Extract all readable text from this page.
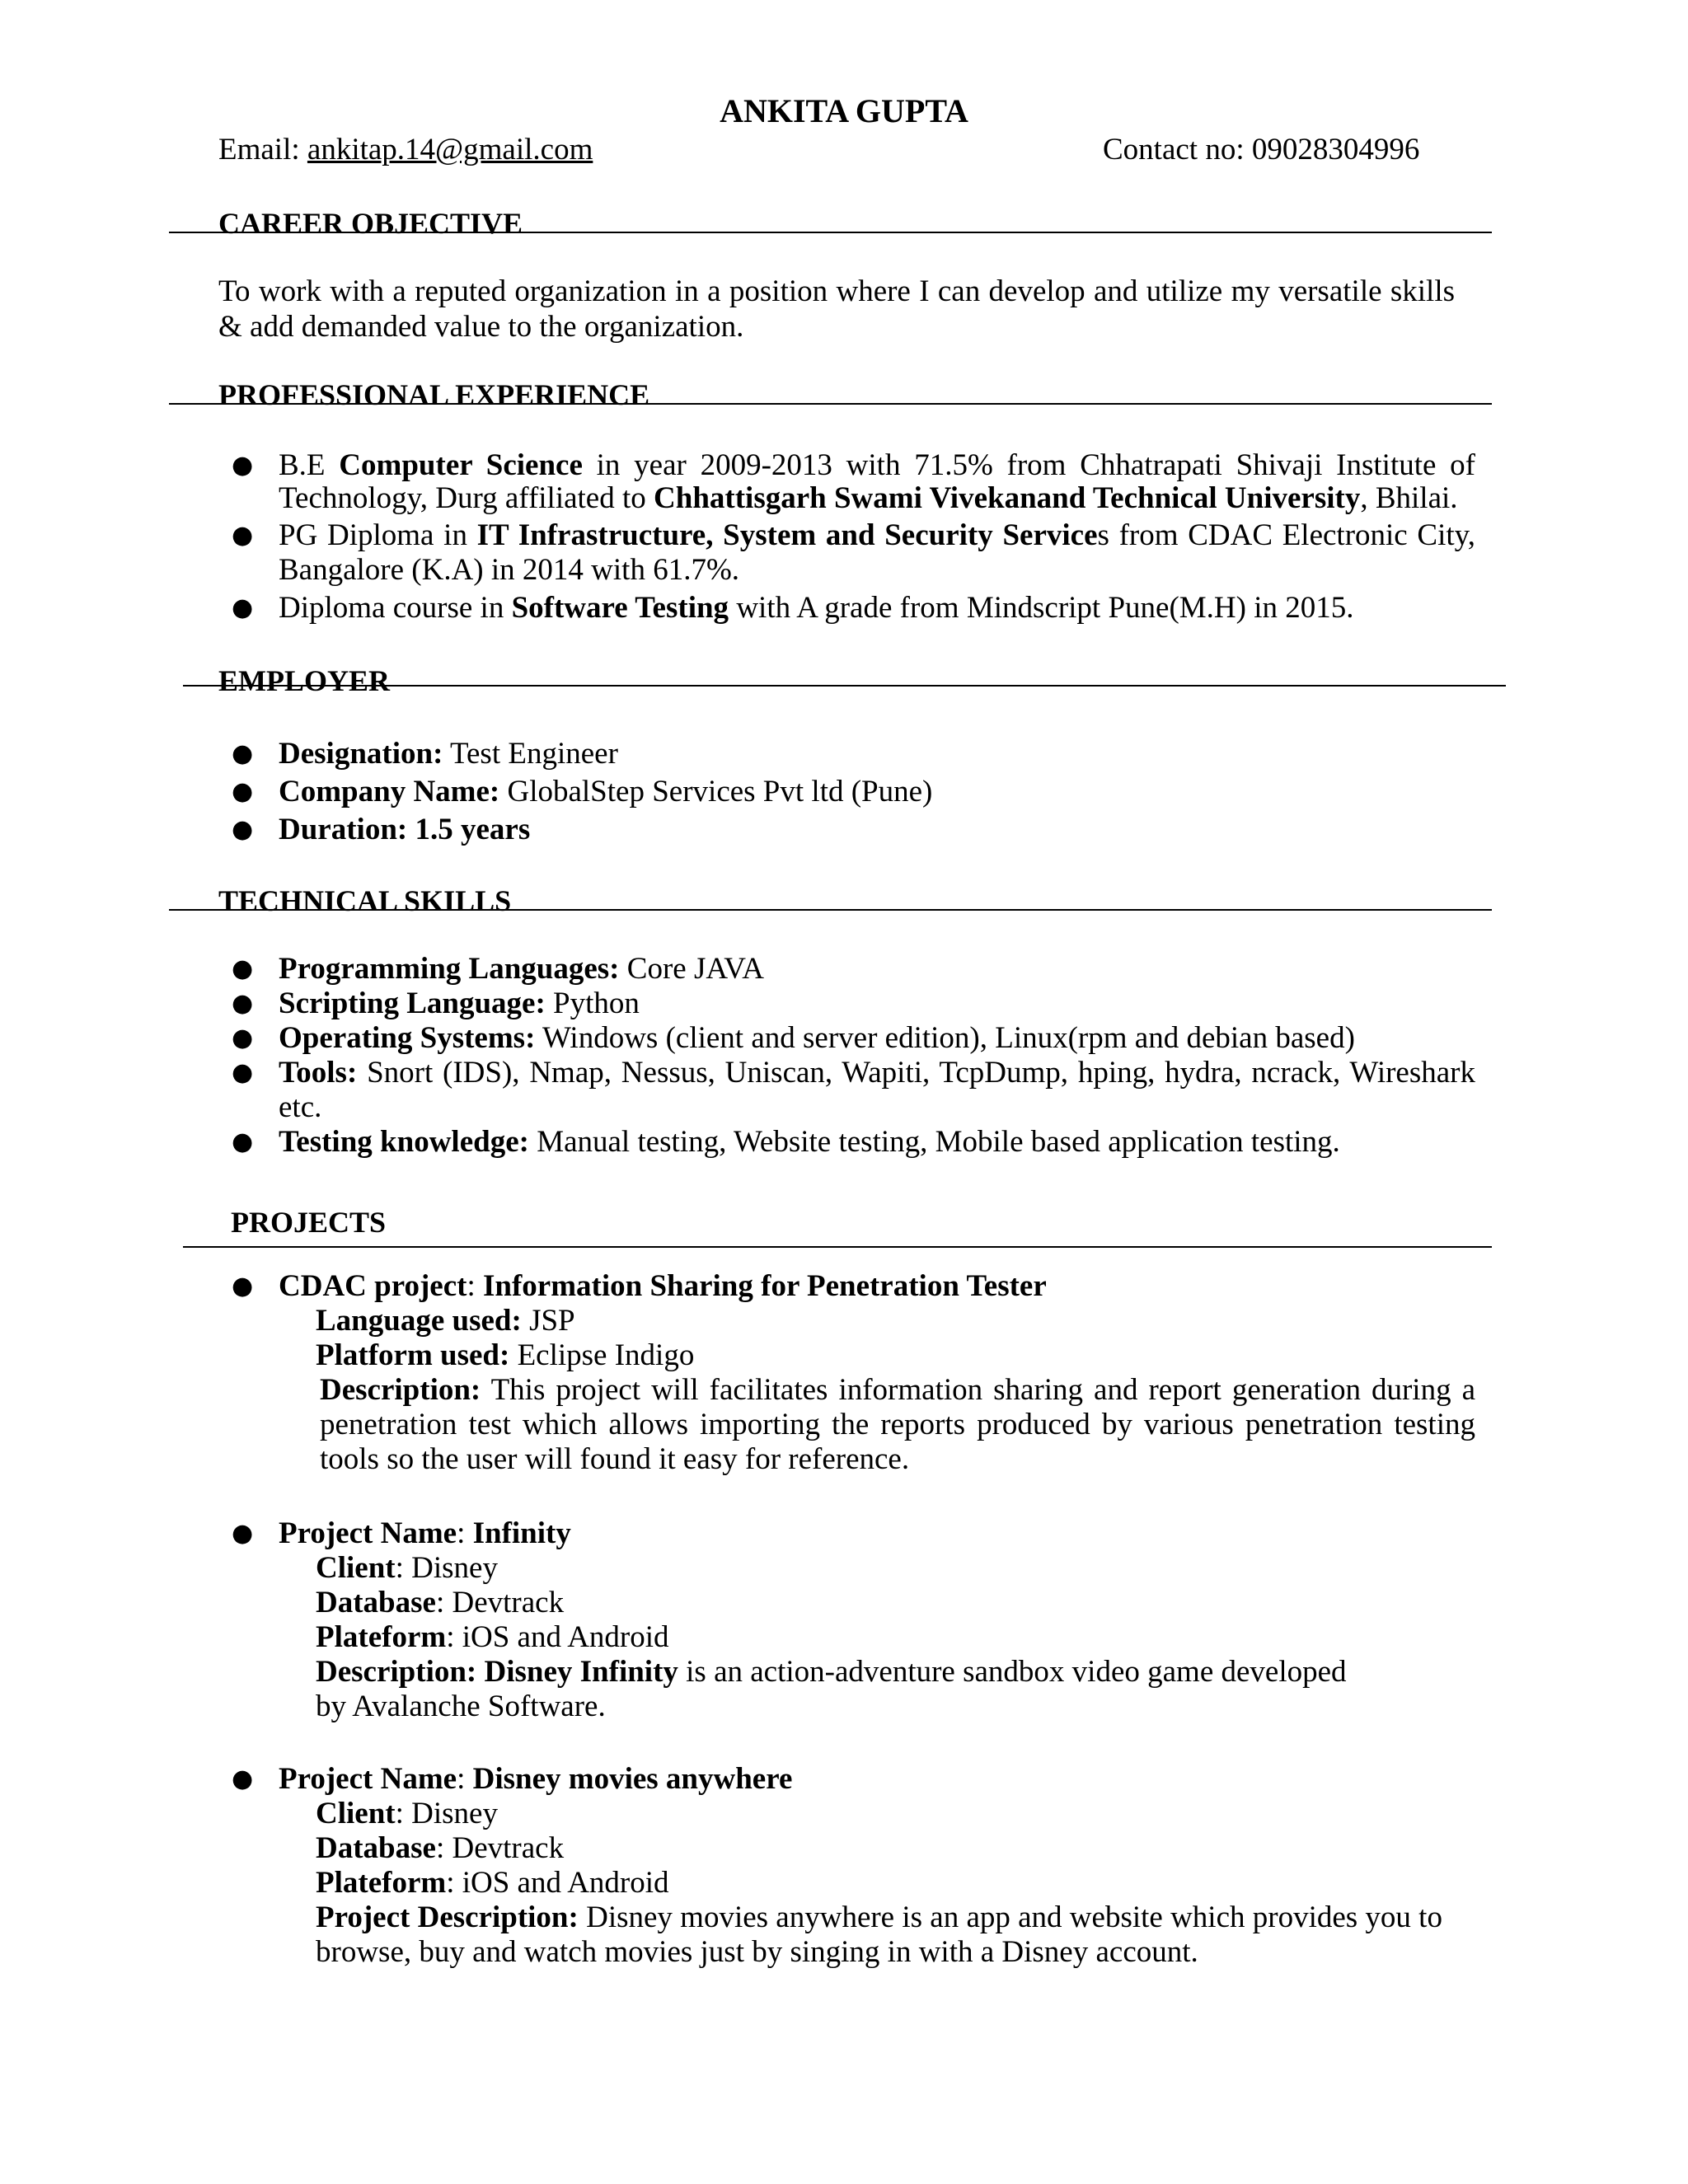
ANKITA GUPTA
Email: ankitap.14@gmail.com	Contact no: 09028304996
CAREER OBJECTIVE
To work with a reputed organization in a position where I can develop and utilize my versatile skills & add demanded value to the organization.
PROFESSIONAL EXPERIENCE
● B.E Computer Science in year 2009-2013 with 71.5% from Chhatrapati Shivaji Institute of Technology, Durg affiliated to Chhattisgarh Swami Vivekanand Technical University, Bhilai.
● PG Diploma in IT Infrastructure, System and Security Services from CDAC Electronic City, Bangalore (K.A) in 2014 with 61.7%.
● Diploma course in Software Testing with A grade from Mindscript Pune(M.H) in 2015.
EMPLOYER
● Designation: Test Engineer
● Company Name: GlobalStep Services Pvt ltd (Pune)
● Duration: 1.5 years
TECHNICAL SKILLS
● Programming Languages: Core JAVA
● Scripting Language: Python
● Operating Systems: Windows (client and server edition), Linux(rpm and debian based)
● Tools: Snort (IDS), Nmap, Nessus, Uniscan, Wapiti, TcpDump, hping, hydra, ncrack, Wireshark etc.
● Testing knowledge: Manual testing, Website testing, Mobile based application testing.
PROJECTS
● CDAC project: Information Sharing for Penetration Tester
Language used: JSP
Platform used: Eclipse Indigo
Description: This project will facilitates information sharing and report generation during a penetration test which allows importing the reports produced by various penetration testing tools so the user will found it easy for reference.
● Project Name: Infinity
Client: Disney
Database: Devtrack
Plateform: iOS and Android
Description: Disney Infinity is an action-adventure sandbox video game developed
by Avalanche Software.
● Project Name: Disney movies anywhere
Client: Disney
Database: Devtrack
Plateform: iOS and Android
Project Description: Disney movies anywhere is an app and website which provides you to
browse, buy and watch movies just by singing in with a Disney account.
